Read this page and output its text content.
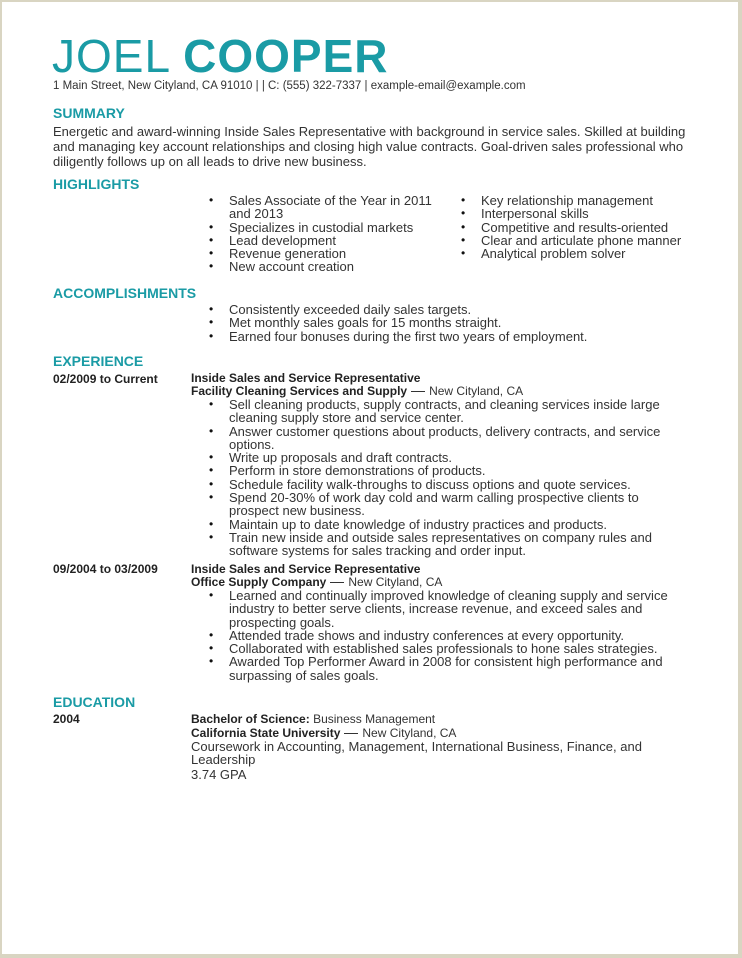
JOEL COOPER
1 Main Street, New Cityland, CA 91010 | | C: (555) 322-7337 | example-email@example.com
SUMMARY
Energetic and award-winning Inside Sales Representative with background in service sales. Skilled at building and managing key account relationships and closing high value contracts. Goal-driven sales professional who diligently follows up on all leads to drive new business.
HIGHLIGHTS
• Sales Associate of the Year in 2011 and 2013
• Specializes in custodial markets
• Lead development
• Revenue generation
• New account creation
• Key relationship management
• Interpersonal skills
• Competitive and results-oriented
• Clear and articulate phone manner
• Analytical problem solver
ACCOMPLISHMENTS
• Consistently exceeded daily sales targets.
• Met monthly sales goals for 15 months straight.
• Earned four bonuses during the first two years of employment.
EXPERIENCE
02/2009 to Current	Inside Sales and Service Representative
Facility Cleaning Services and Supply New Cityland, CA
• Sell cleaning products, supply contracts, and cleaning services inside large cleaning supply store and service center.
• Answer customer questions about products, delivery contracts, and service options.
• Write up proposals and draft contracts.
• Perform in store demonstrations of products.
• Schedule facility walk-throughs to discuss options and quote services.
• Spend 20-30% of work day cold and warm calling prospective clients to prospect new business.
• Maintain up to date knowledge of industry practices and products.
• Train new inside and outside sales representatives on company rules and software systems for sales tracking and order input.
09/2004 to 03/2009	Inside Sales and Service Representative
Office Supply Company New Cityland, CA
• Learned and continually improved knowledge of cleaning supply and service industry to better serve clients, increase revenue, and exceed sales and prospecting goals.
• Attended trade shows and industry conferences at every opportunity.
• Collaborated with established sales professionals to hone sales strategies.
• Awarded Top Performer Award in 2008 for consistent high performance and surpassing of sales goals.
EDUCATION
2004	Bachelor of Science: Business Management
California State University New Cityland, CA
Coursework in Accounting, Management, International Business, Finance, and Leadership
3.74 GPA
